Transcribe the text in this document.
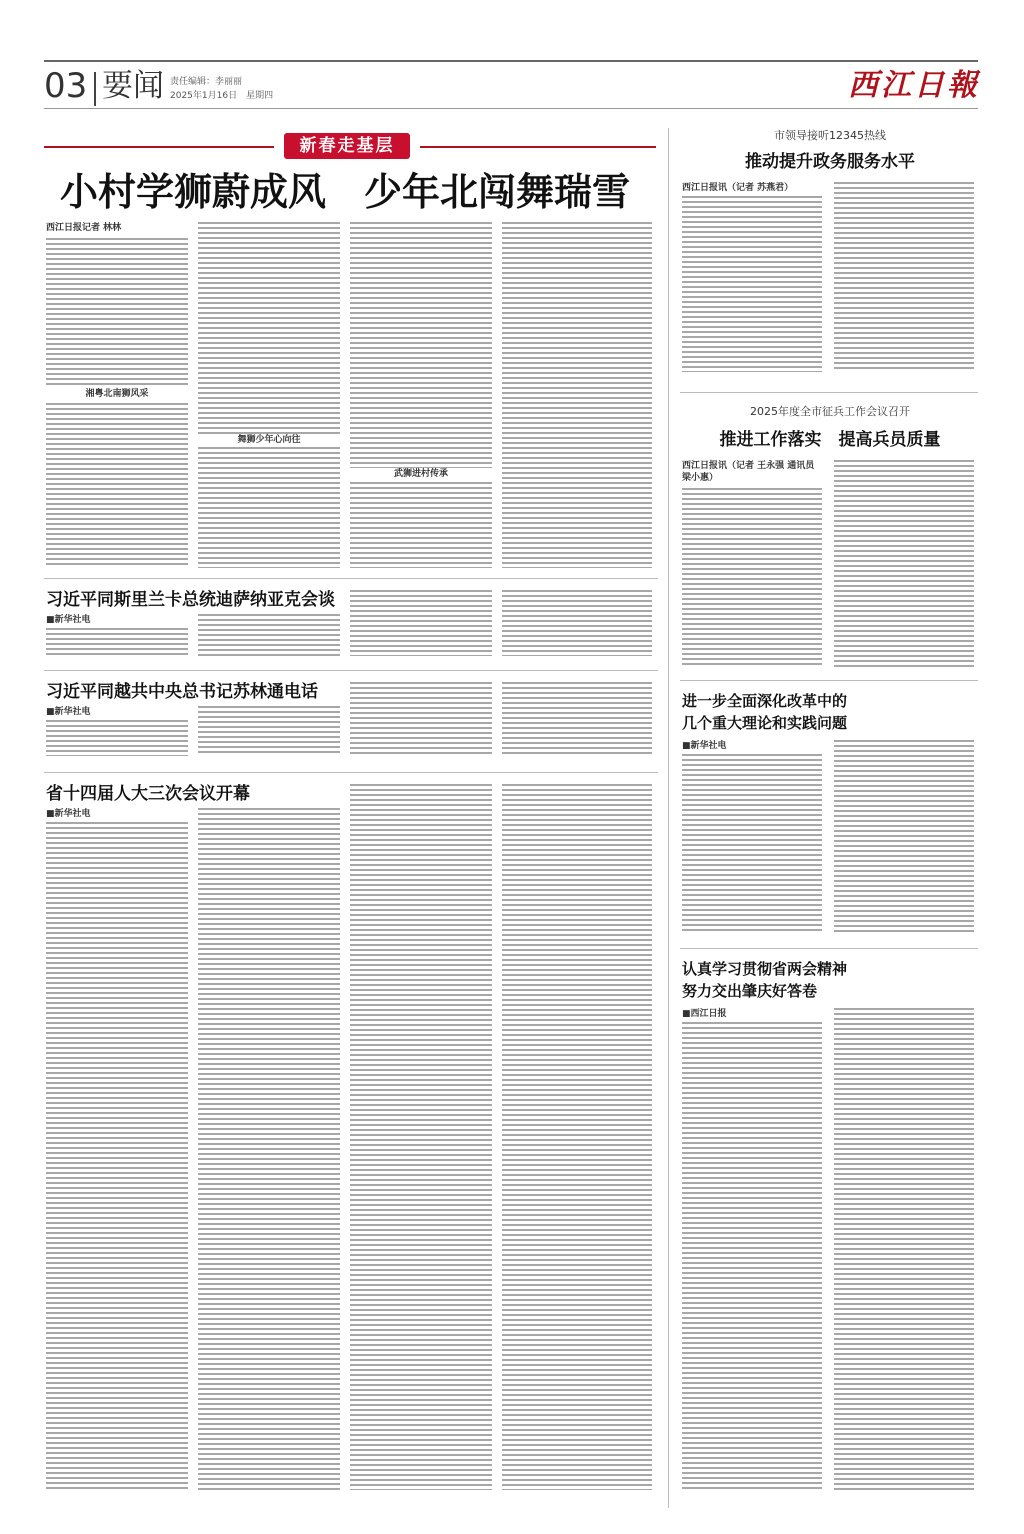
03 要闻 责任编辑：李丽丽
2025年1月16日　星期四	西江日報
新春走基层
小村学狮蔚成风　少年北闯舞瑞雪
西江日报记者 林林
湘粤北南狮风采
舞狮少年心向往
武狮进村传承
习近平同斯里兰卡总统迪萨纳亚克会谈
■新华社电
习近平同越共中央总书记苏林通电话
■新华社电
省十四届人大三次会议开幕
■新华社电
市领导接听12345热线
推动提升政务服务水平
西江日报讯（记者 苏燕君）
2025年度全市征兵工作会议召开
推进工作落实　提高兵员质量
西江日报讯（记者 王永强 通讯员 梁小惠）
进一步全面深化改革中的
几个重大理论和实践问题
■新华社电
认真学习贯彻省两会精神
努力交出肇庆好答卷
■西江日报
